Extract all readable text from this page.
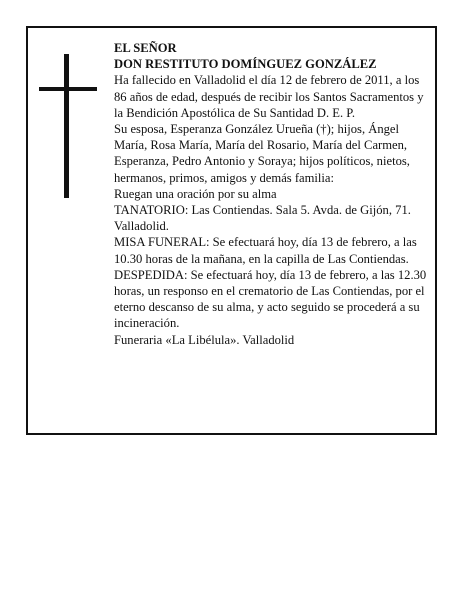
EL SEÑOR

DON RESTITUTO DOMÍNGUEZ GONZÁLEZ

Ha fallecido en Valladolid el día 12 de febrero de 2011, a los 86 años de edad, después de recibir los Santos Sacramentos y la Bendición Apostólica de Su Santidad D. E. P.

Su esposa, Esperanza González Urueña (†); hijos, Ángel María, Rosa María, María del Rosario, María del Carmen, Esperanza, Pedro Antonio y Soraya; hijos políticos, nietos, hermanos, primos, amigos y demás familia:

Ruegan una oración por su alma

TANATORIO: Las Contiendas. Sala 5. Avda. de Gijón, 71. Valladolid.

MISA FUNERAL: Se efectuará hoy, día 13 de febrero, a las 10.30 horas de la mañana, en la capilla de Las Contiendas.

DESPEDIDA: Se efectuará hoy, día 13 de febrero, a las 12.30 horas, un responso en el crematorio de Las Contiendas, por el eterno descanso de su alma, y acto seguido se procederá a su incineración.

Funeraria «La Libélula». Valladolid
